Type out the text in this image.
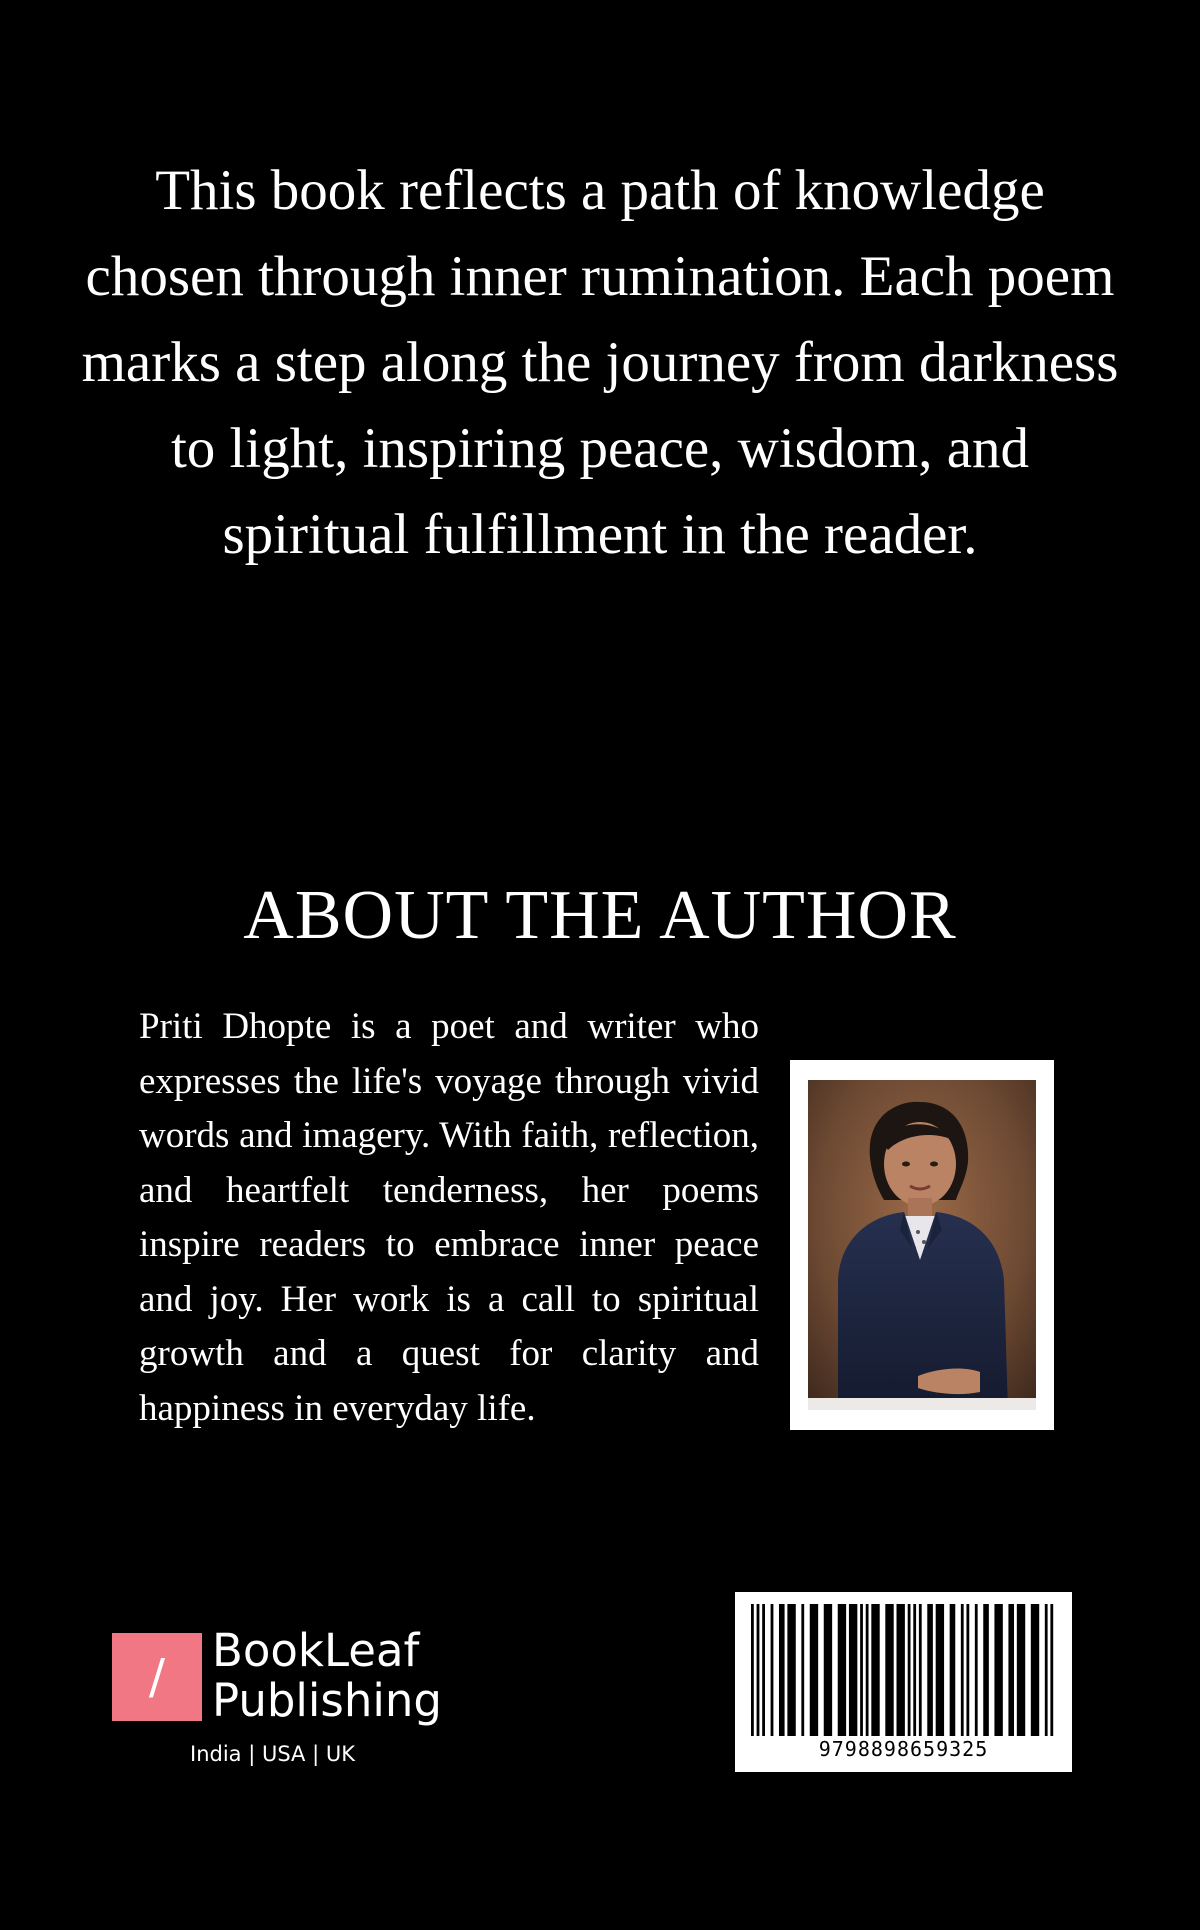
This book reflects a path of knowledge chosen through inner rumination. Each poem marks a step along the journey from darkness to light, inspiring peace, wisdom, and spiritual fulfillment in the reader.

ABOUT THE AUTHOR

Priti Dhopte is a poet and writer who expresses the life's voyage through vivid words and imagery. With faith, reflection, and heartfelt tenderness, her poems inspire readers to embrace inner peace and joy. Her work is a call to spiritual growth and a quest for clarity and happiness in everyday life.

/	BookLeaf
Publishing
India | USA | UK	9798898659325
